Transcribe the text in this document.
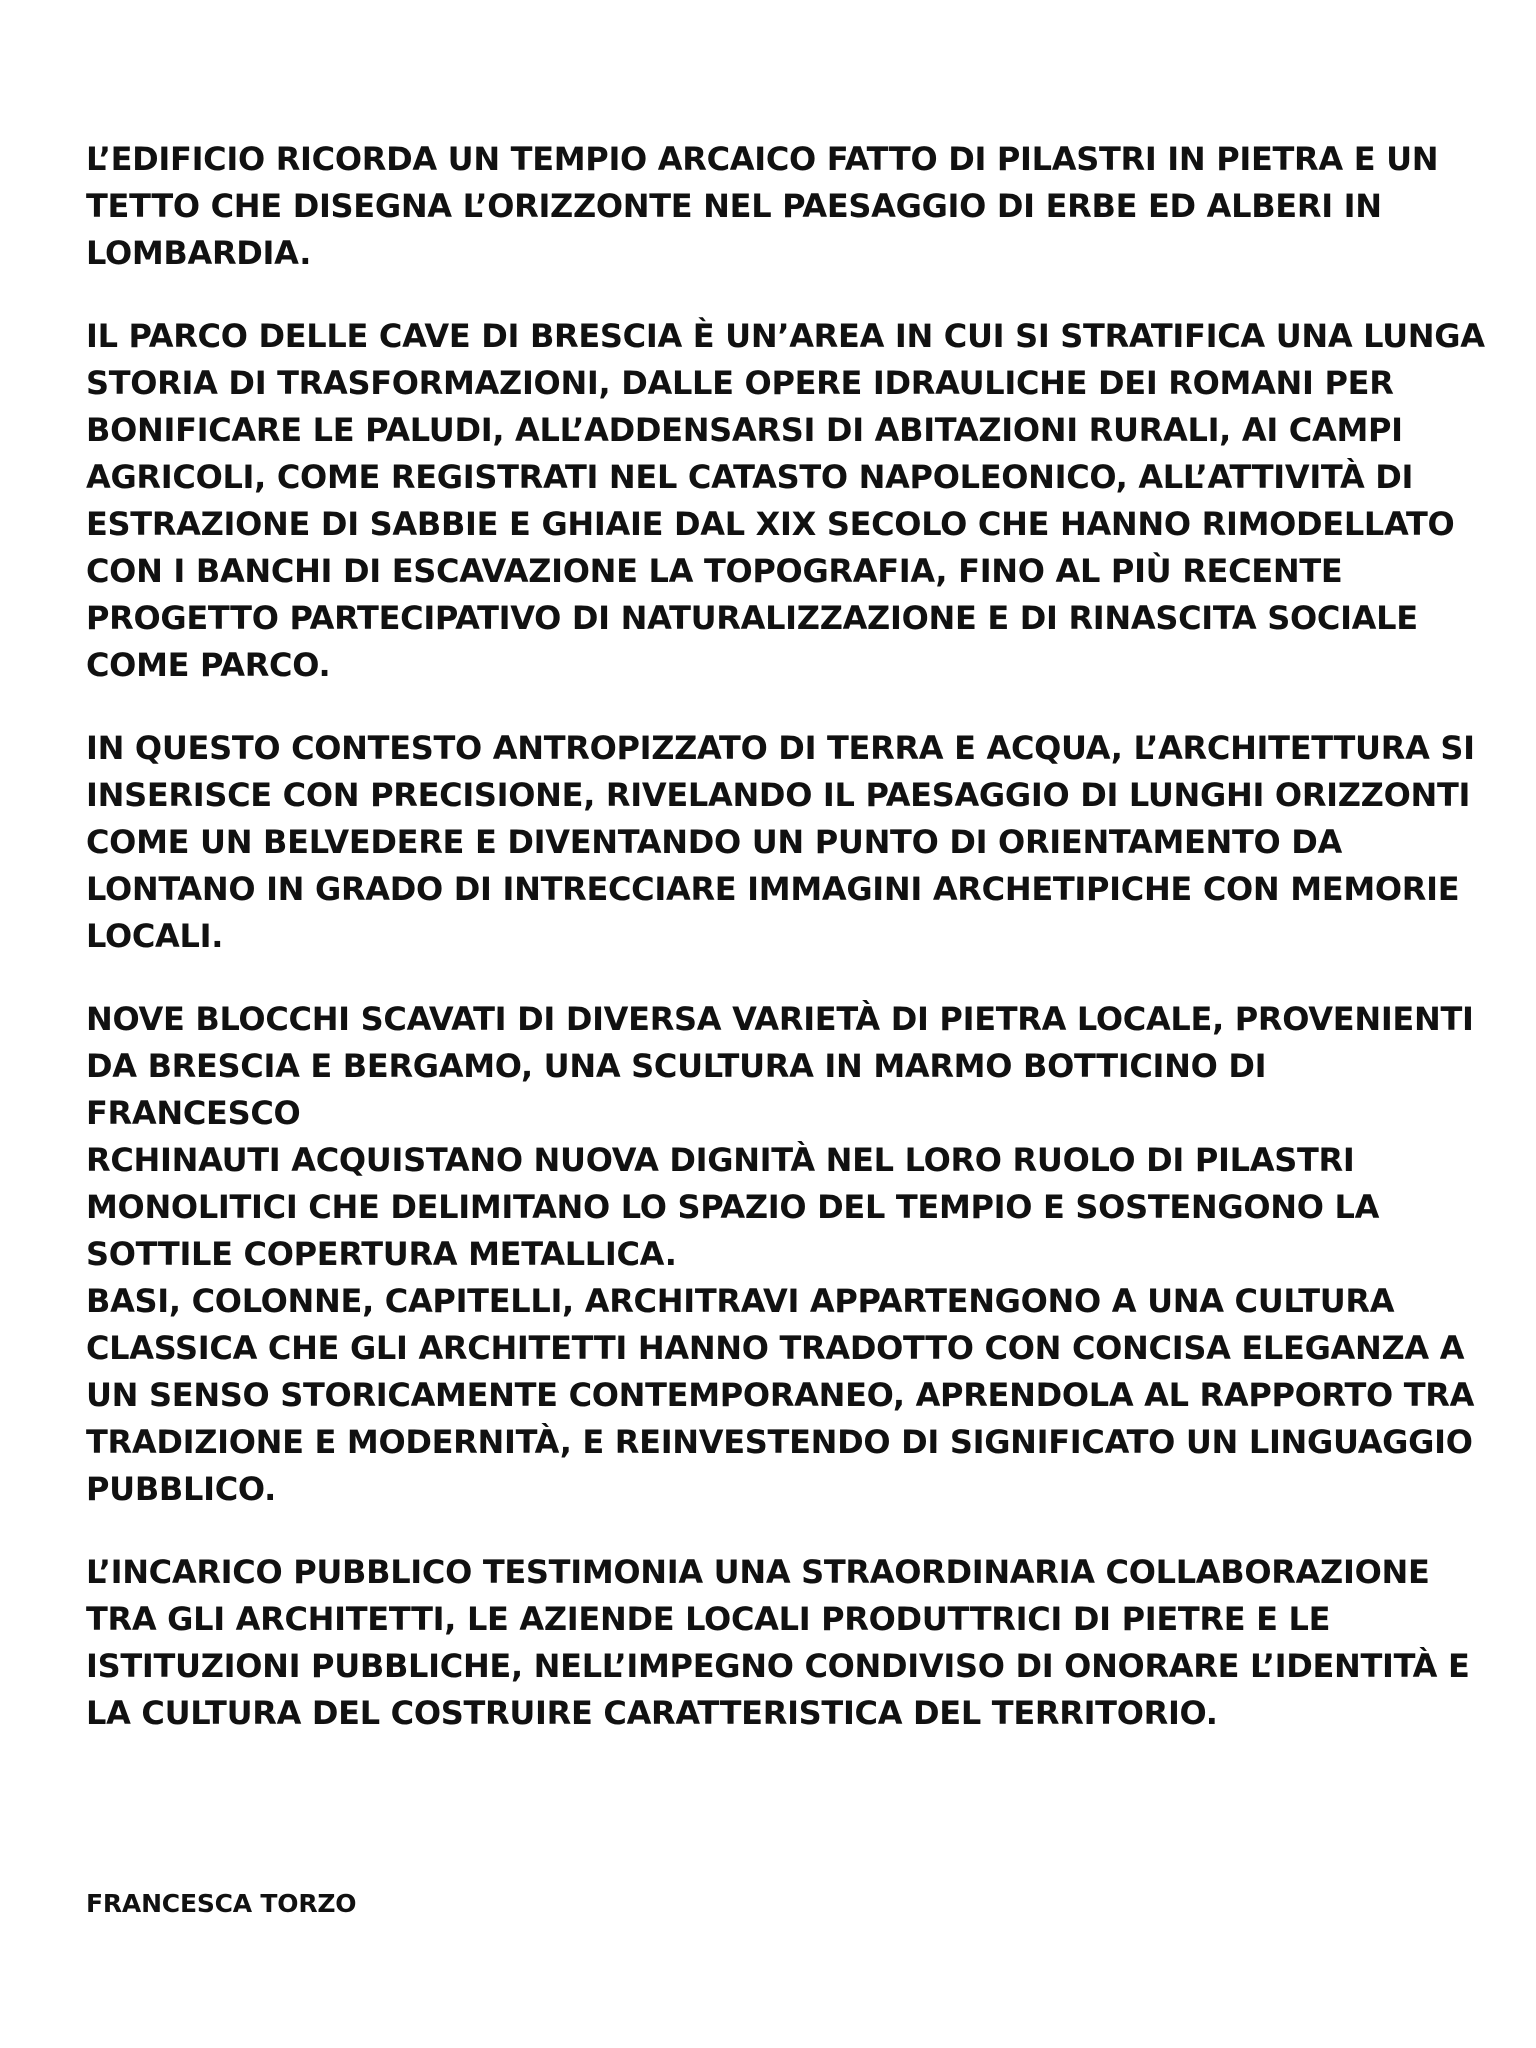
L’EDIFICIO RICORDA UN TEMPIO ARCAICO FATTO DI PILASTRI IN PIETRA E UN
TETTO CHE DISEGNA L’ORIZZONTE NEL PAESAGGIO DI ERBE ED ALBERI IN
LOMBARDIA.

IL PARCO DELLE CAVE DI BRESCIA È UN’AREA IN CUI SI STRATIFICA UNA LUNGA
STORIA DI TRASFORMAZIONI, DALLE OPERE IDRAULICHE DEI ROMANI PER
BONIFICARE LE PALUDI, ALL’ADDENSARSI DI ABITAZIONI RURALI, AI CAMPI
AGRICOLI, COME REGISTRATI NEL CATASTO NAPOLEONICO, ALL’ATTIVITÀ DI
ESTRAZIONE DI SABBIE E GHIAIE DAL XIX SECOLO CHE HANNO RIMODELLATO
CON I BANCHI DI ESCAVAZIONE LA TOPOGRAFIA, FINO AL PIÙ RECENTE
PROGETTO PARTECIPATIVO DI NATURALIZZAZIONE E DI RINASCITA SOCIALE
COME PARCO.

IN QUESTO CONTESTO ANTROPIZZATO DI TERRA E ACQUA, L’ARCHITETTURA SI
INSERISCE CON PRECISIONE, RIVELANDO IL PAESAGGIO DI LUNGHI ORIZZONTI
COME UN BELVEDERE E DIVENTANDO UN PUNTO DI ORIENTAMENTO DA
LONTANO IN GRADO DI INTRECCIARE IMMAGINI ARCHETIPICHE CON MEMORIE
LOCALI.

NOVE BLOCCHI SCAVATI DI DIVERSA VARIETÀ DI PIETRA LOCALE, PROVENIENTI
DA BRESCIA E BERGAMO, UNA SCULTURA IN MARMO BOTTICINO DI FRANCESCO
RCHINAUTI ACQUISTANO NUOVA DIGNITÀ NEL LORO RUOLO DI PILASTRI
MONOLITICI CHE DELIMITANO LO SPAZIO DEL TEMPIO E SOSTENGONO LA
SOTTILE COPERTURA METALLICA.

BASI, COLONNE, CAPITELLI, ARCHITRAVI APPARTENGONO A UNA CULTURA
CLASSICA CHE GLI ARCHITETTI HANNO TRADOTTO CON CONCISA ELEGANZA A
UN SENSO STORICAMENTE CONTEMPORANEO, APRENDOLA AL RAPPORTO TRA
TRADIZIONE E MODERNITÀ, E REINVESTENDO DI SIGNIFICATO UN LINGUAGGIO
PUBBLICO.

L’INCARICO PUBBLICO TESTIMONIA UNA STRAORDINARIA COLLABORAZIONE
TRA GLI ARCHITETTI, LE AZIENDE LOCALI PRODUTTRICI DI PIETRE E LE
ISTITUZIONI PUBBLICHE, NELL’IMPEGNO CONDIVISO DI ONORARE L’IDENTITÀ E
LA CULTURA DEL COSTRUIRE CARATTERISTICA DEL TERRITORIO.

FRANCESCA TORZO
